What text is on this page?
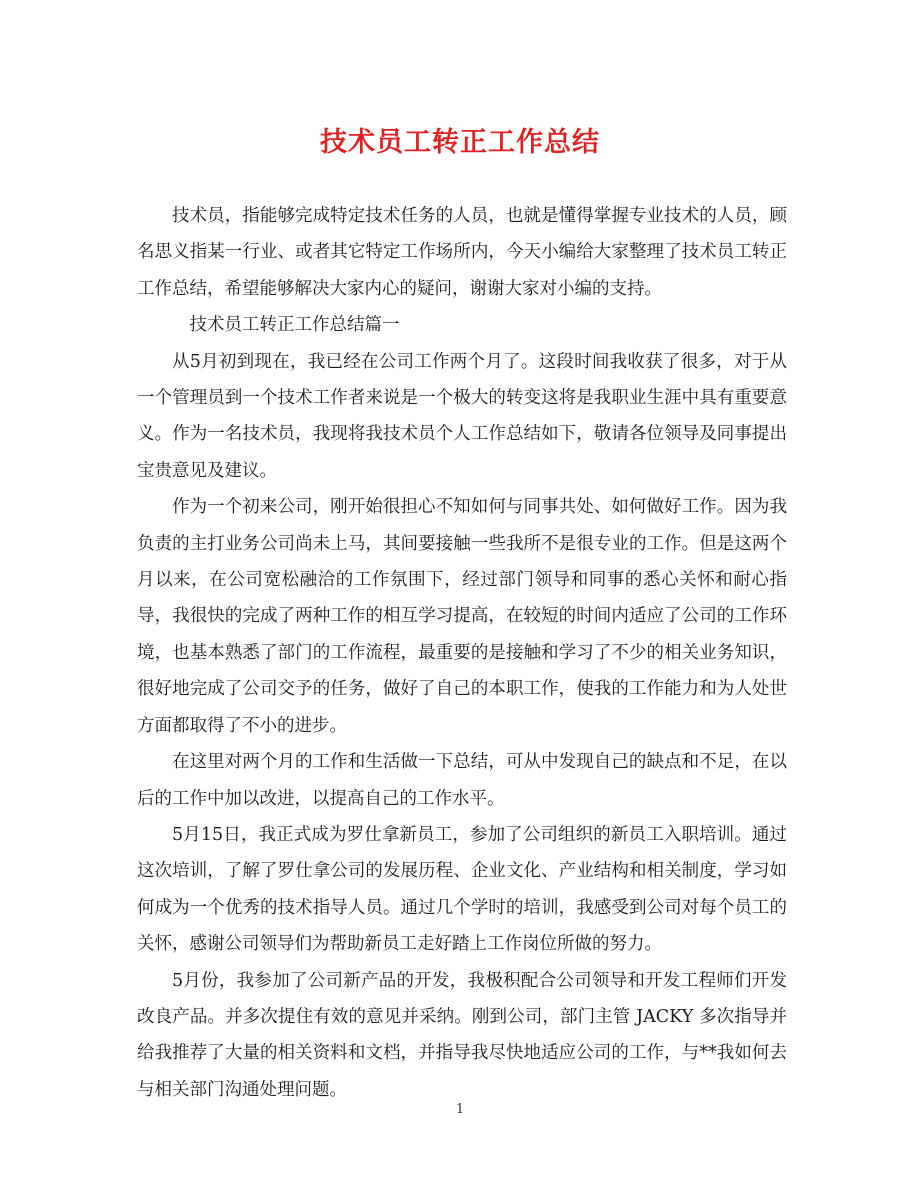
技术员工转正工作总结

技术员，指能够完成特定技术任务的人员，也就是懂得掌握专业技术的人员，顾名思义指某一行业、或者其它特定工作场所内，今天小编给大家整理了技术员工转正工作总结，希望能够解决大家内心的疑问，谢谢大家对小编的支持。

技术员工转正工作总结篇一

从5月初到现在，我已经在公司工作两个月了。这段时间我收获了很多，对于从一个管理员到一个技术工作者来说是一个极大的转变这将是我职业生涯中具有重要意义。作为一名技术员，我现将我技术员个人工作总结如下，敬请各位领导及同事提出宝贵意见及建议。

作为一个初来公司，刚开始很担心不知如何与同事共处、如何做好工作。因为我负责的主打业务公司尚未上马，其间要接触一些我所不是很专业的工作。但是这两个月以来，在公司宽松融洽的工作氛围下，经过部门领导和同事的悉心关怀和耐心指导，我很快的完成了两种工作的相互学习提高，在较短的时间内适应了公司的工作环境，也基本熟悉了部门的工作流程，最重要的是接触和学习了不少的相关业务知识，很好地完成了公司交予的任务，做好了自己的本职工作，使我的工作能力和为人处世方面都取得了不小的进步。

在这里对两个月的工作和生活做一下总结，可从中发现自己的缺点和不足，在以后的工作中加以改进，以提高自己的工作水平。

5月15日，我正式成为罗仕拿新员工，参加了公司组织的新员工入职培训。通过这次培训，了解了罗仕拿公司的发展历程、企业文化、产业结构和相关制度，学习如何成为一个优秀的技术指导人员。通过几个学时的培训，我感受到公司对每个员工的关怀，感谢公司领导们为帮助新员工走好踏上工作岗位所做的努力。

5月份，我参加了公司新产品的开发，我极积配合公司领导和开发工程师们开发改良产品。并多次提住有效的意见并采纳。刚到公司，部门主管 JACKY 多次指导并给我推荐了大量的相关资料和文档，并指导我尽快地适应公司的工作，与**我如何去与相关部门沟通处理问题。

1
